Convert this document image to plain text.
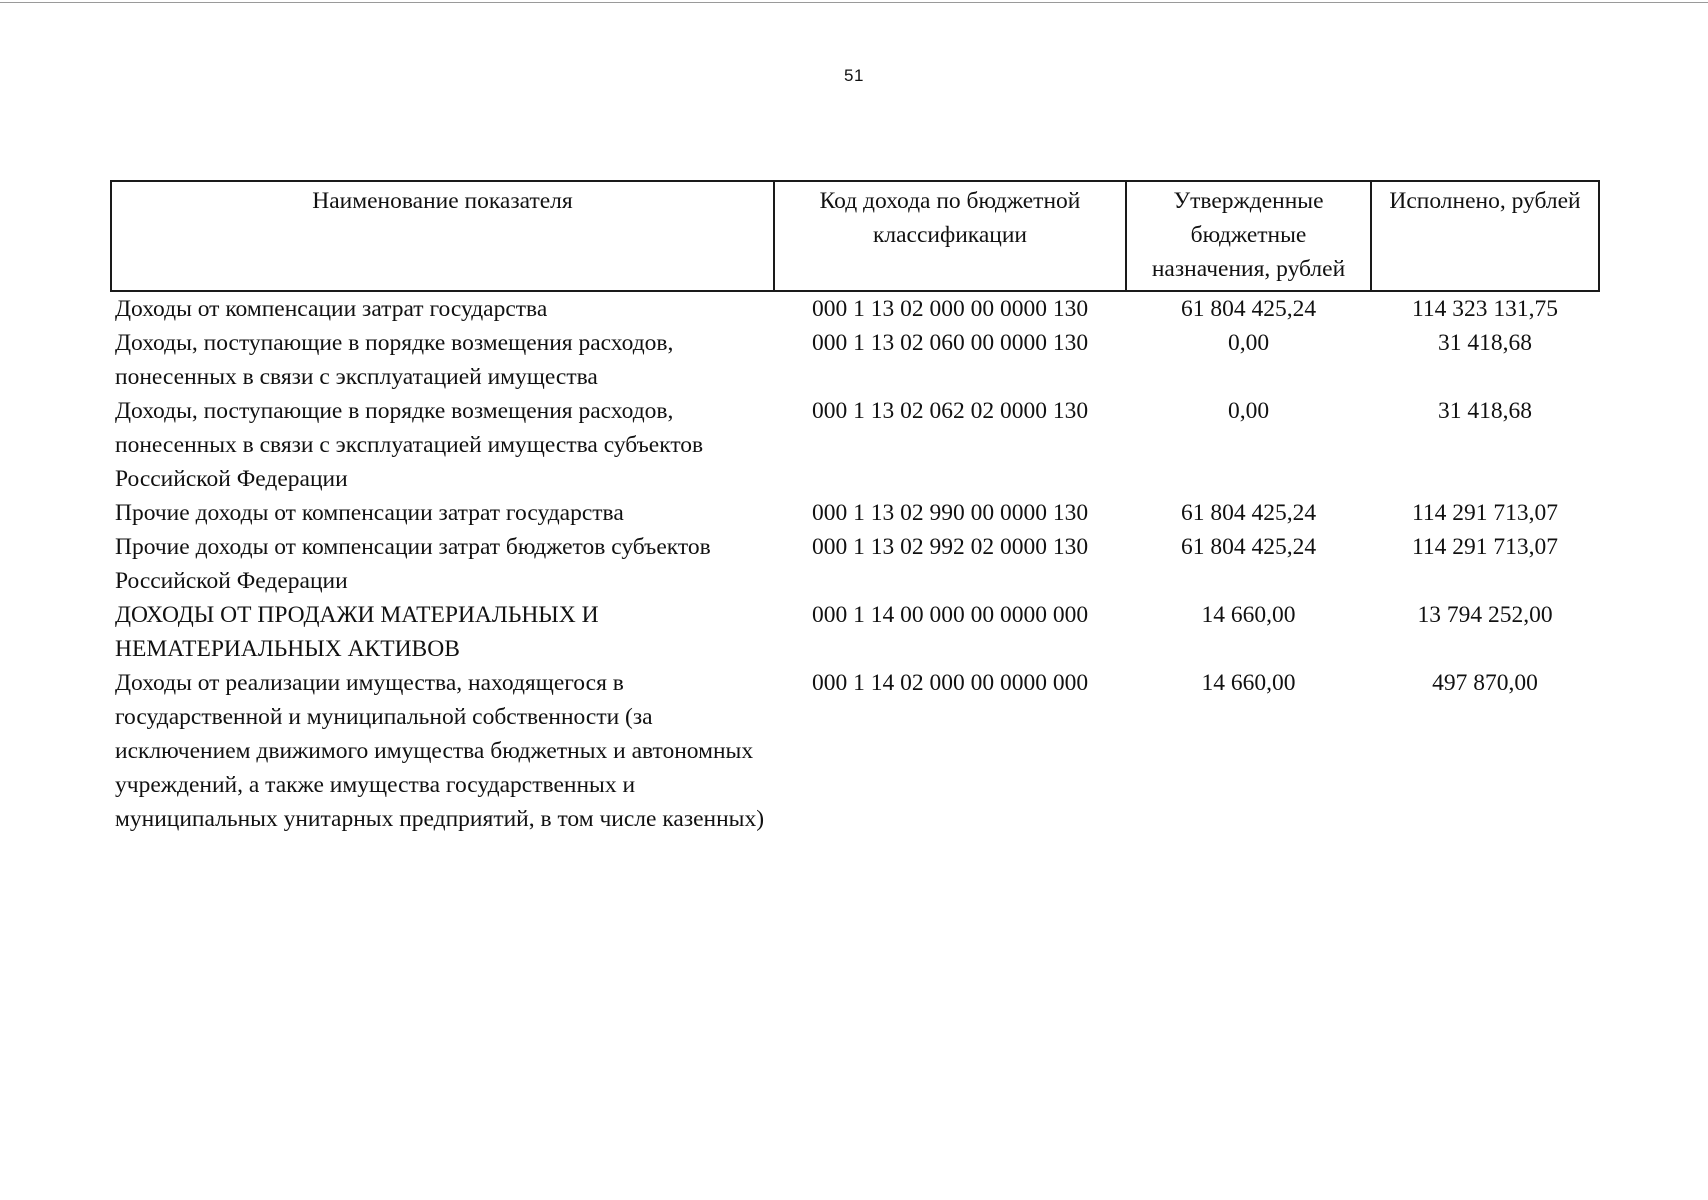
51
Наименование показателя	Код дохода по бюджетной классификации	Утвержденные бюджетные назначения, рублей	Исполнено, рублей
Доходы от компенсации затрат государства	000 1 13 02 000 00 0000 130	61 804 425,24	114 323 131,75
Доходы, поступающие в порядке возмещения расходов, понесенных в связи с эксплуатацией имущества	000 1 13 02 060 00 0000 130	0,00	31 418,68
Доходы, поступающие в порядке возмещения расходов, понесенных в связи с эксплуатацией имущества субъектов Российской Федерации	000 1 13 02 062 02 0000 130	0,00	31 418,68
Прочие доходы от компенсации затрат государства	000 1 13 02 990 00 0000 130	61 804 425,24	114 291 713,07
Прочие доходы от компенсации затрат бюджетов субъектов Российской Федерации	000 1 13 02 992 02 0000 130	61 804 425,24	114 291 713,07
ДОХОДЫ ОТ ПРОДАЖИ МАТЕРИАЛЬНЫХ И НЕМАТЕРИАЛЬНЫХ АКТИВОВ	000 1 14 00 000 00 0000 000	14 660,00	13 794 252,00
Доходы от реализации имущества, находящегося в государственной и муниципальной собственности (за исключением движимого имущества бюджетных и автономных учреждений, а также имущества государственных и муниципальных унитарных предприятий, в том числе казенных)	000 1 14 02 000 00 0000 000	14 660,00	497 870,00
